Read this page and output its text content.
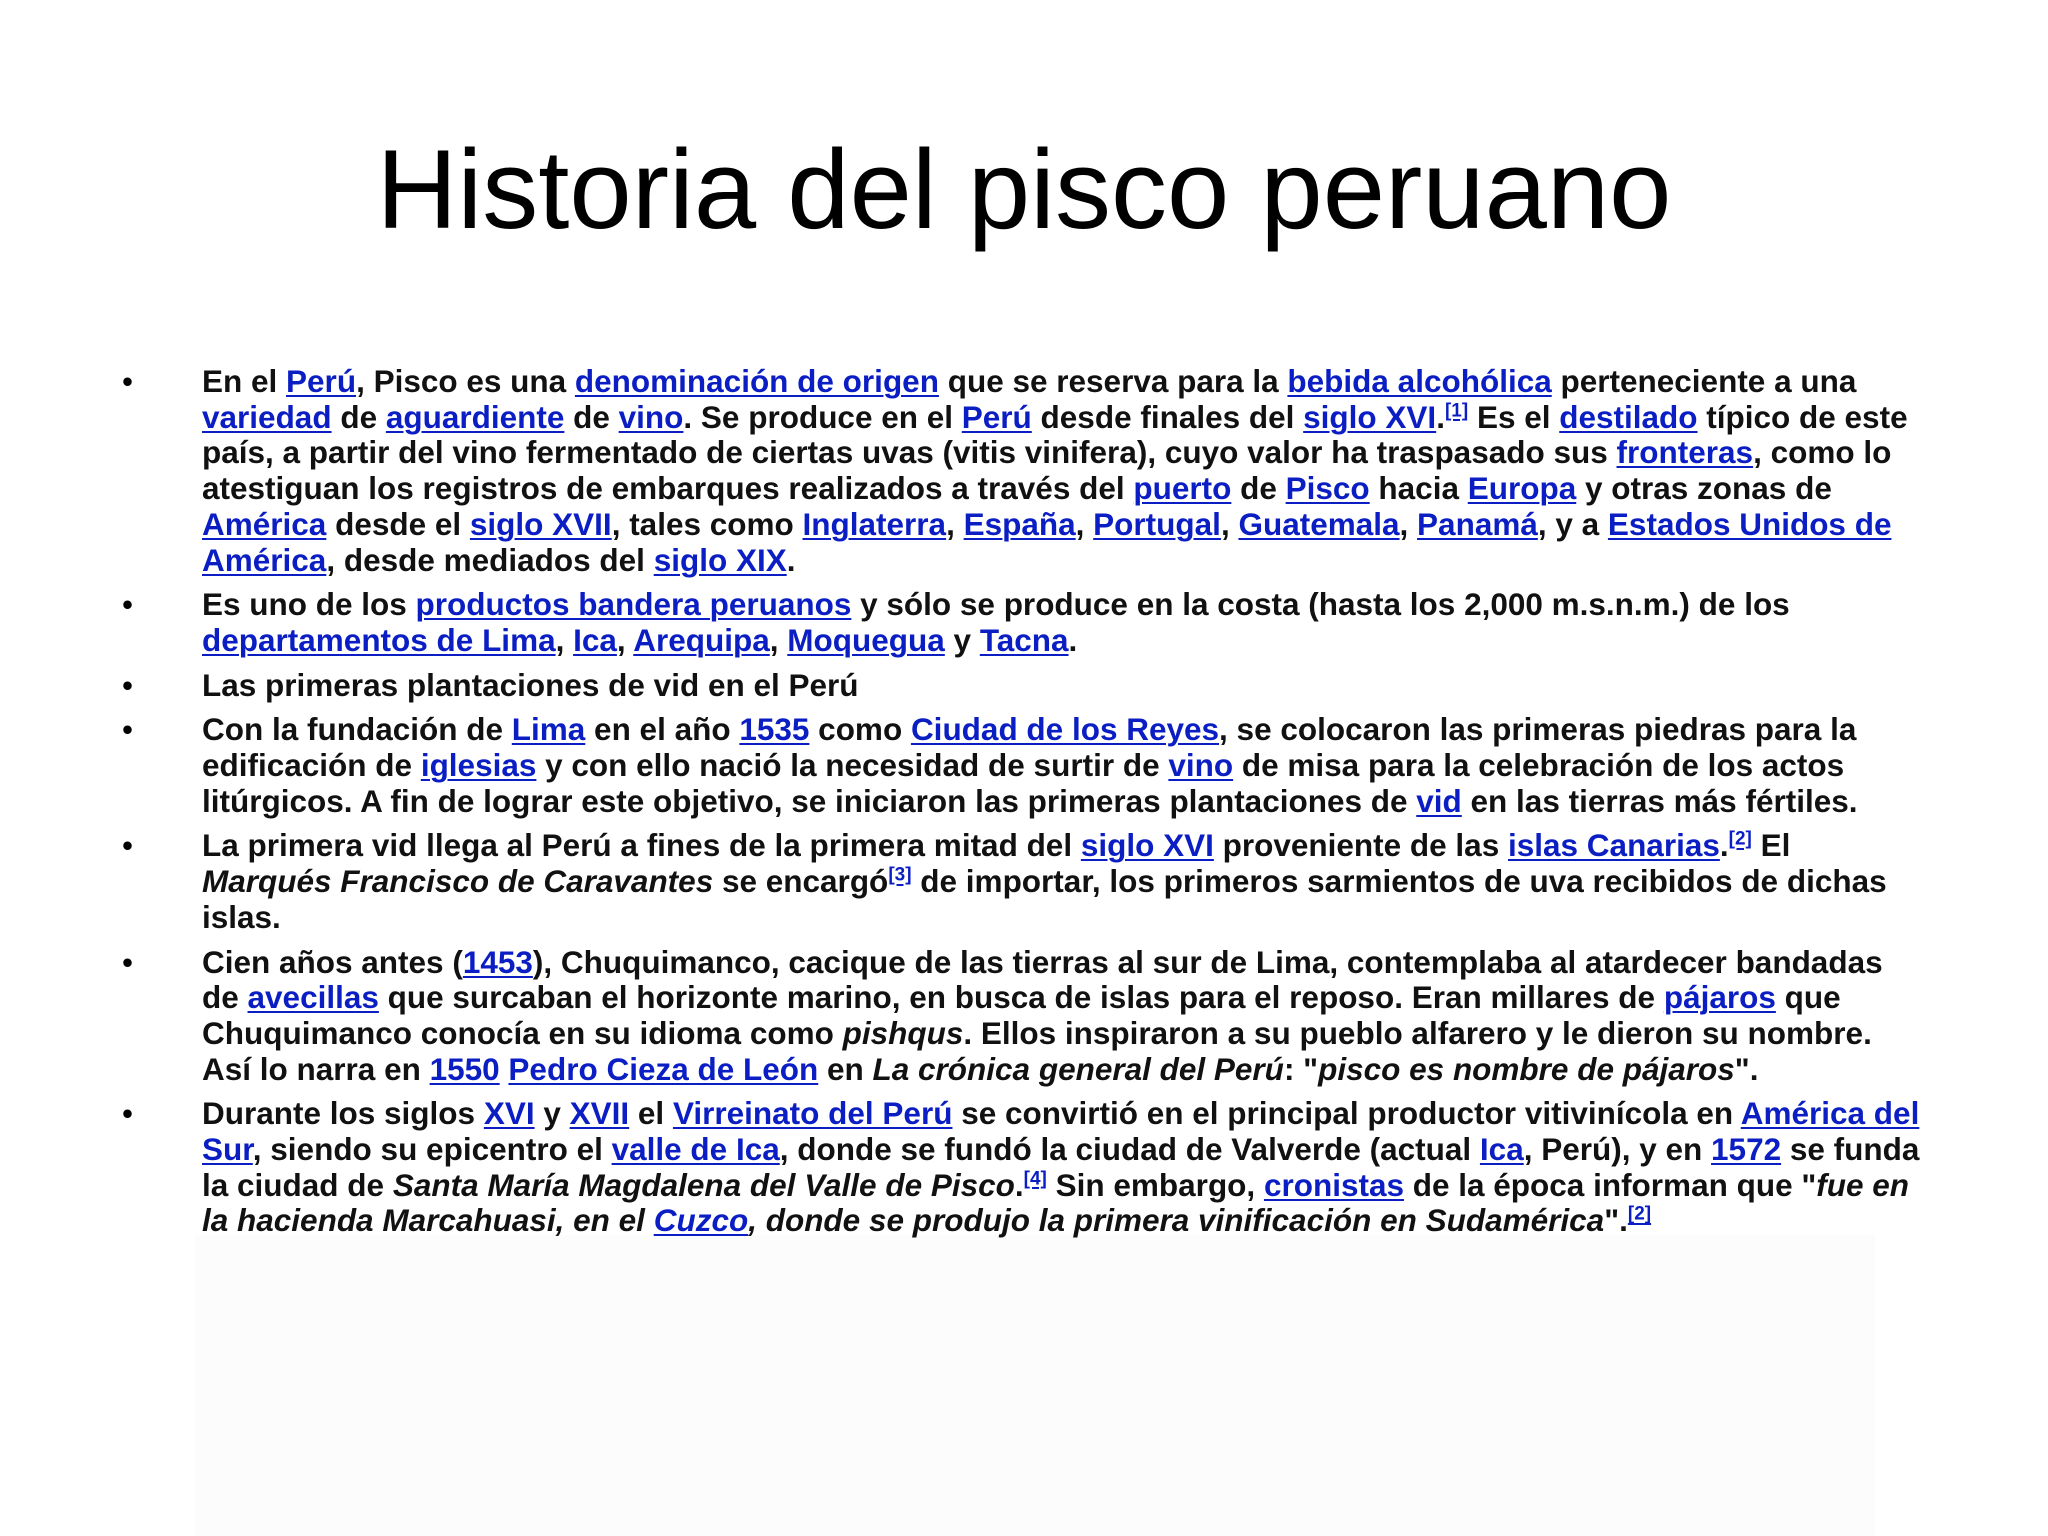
Historia del pisco peruano
•	En el Perú, Pisco es una denominación de origen que se reserva para la bebida alcohólica perteneciente a una variedad de aguardiente de vino. Se produce en el Perú desde finales del siglo XVI.[1] Es el destilado típico de este país, a partir del vino fermentado de ciertas uvas (vitis vinifera), cuyo valor ha traspasado sus fronteras, como lo atestiguan los registros de embarques realizados a través del puerto de Pisco hacia Europa y otras zonas de América desde el siglo XVII, tales como Inglaterra, España, Portugal, Guatemala, Panamá, y a Estados Unidos de América, desde mediados del siglo XIX.
•	Es uno de los productos bandera peruanos y sólo se produce en la costa (hasta los 2,000 m.s.n.m.) de los departamentos de Lima, Ica, Arequipa, Moquegua y Tacna.
•	Las primeras plantaciones de vid en el Perú
•	Con la fundación de Lima en el año 1535 como Ciudad de los Reyes, se colocaron las primeras piedras para la edificación de iglesias y con ello nació la necesidad de surtir de vino de misa para la celebración de los actos litúrgicos. A fin de lograr este objetivo, se iniciaron las primeras plantaciones de vid en las tierras más fértiles.
•	La primera vid llega al Perú a fines de la primera mitad del siglo XVI proveniente de las islas Canarias.[2] El Marqués Francisco de Caravantes se encargó[3] de importar, los primeros sarmientos de uva recibidos de dichas islas.
•	Cien años antes (1453), Chuquimanco, cacique de las tierras al sur de Lima, contemplaba al atardecer bandadas de avecillas que surcaban el horizonte marino, en busca de islas para el reposo. Eran millares de pájaros que Chuquimanco conocía en su idioma como pishqus. Ellos inspiraron a su pueblo alfarero y le dieron su nombre. Así lo narra en 1550 Pedro Cieza de León en La crónica general del Perú: "pisco es nombre de pájaros".
•	Durante los siglos XVI y XVII el Virreinato del Perú se convirtió en el principal productor vitivinícola en América del Sur, siendo su epicentro el valle de Ica, donde se fundó la ciudad de Valverde (actual Ica, Perú), y en 1572 se funda la ciudad de Santa María Magdalena del Valle de Pisco.[4] Sin embargo, cronistas de la época informan que "fue en la hacienda Marcahuasi, en el Cuzco, donde se produjo la primera vinificación en Sudamérica".[2]
